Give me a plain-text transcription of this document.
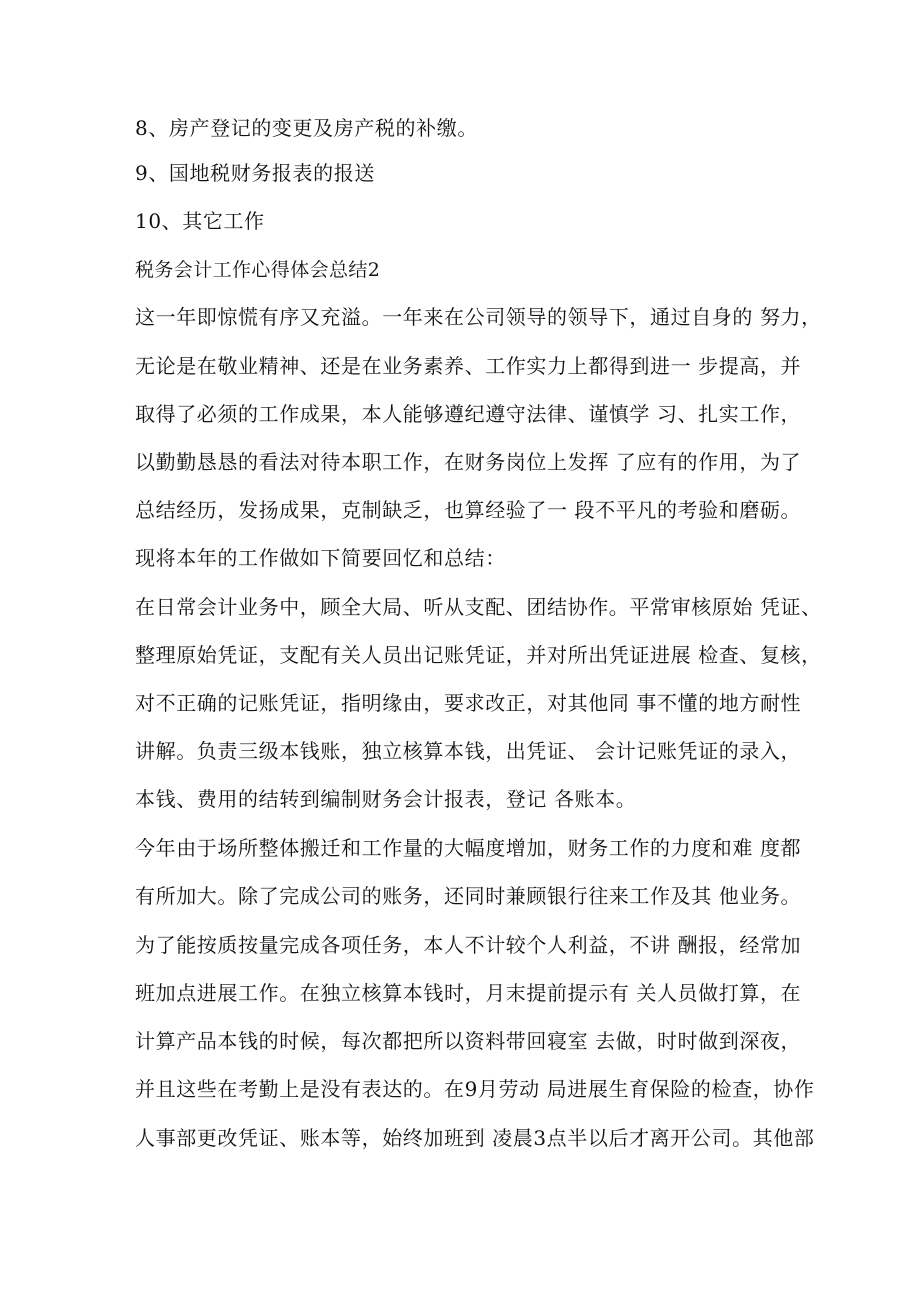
8、房产登记的变更及房产税的补缴。
9、国地税财务报表的报送
10、其它工作
税务会计工作心得体会总结2
这一年即惊慌有序又充溢。一年来在公司领导的领导下，通过自身的 努力，
无论是在敬业精神、还是在业务素养、工作实力上都得到进一 步提高，并
取得了必须的工作成果，本人能够遵纪遵守法律、谨慎学 习、扎实工作，
以勤勤恳恳的看法对待本职工作，在财务岗位上发挥 了应有的作用，为了
总结经历，发扬成果，克制缺乏，也算经验了一 段不平凡的考验和磨砺。
现将本年的工作做如下简要回忆和总结：
在日常会计业务中，顾全大局、听从支配、团结协作。平常审核原始 凭证、
整理原始凭证，支配有关人员出记账凭证，并对所出凭证进展 检查、复核，
对不正确的记账凭证，指明缘由，要求改正，对其他同 事不懂的地方耐性
讲解。负责三级本钱账，独立核算本钱，出凭证、 会计记账凭证的录入，
本钱、费用的结转到编制财务会计报表，登记 各账本。
今年由于场所整体搬迁和工作量的大幅度增加，财务工作的力度和难 度都
有所加大。除了完成公司的账务，还同时兼顾银行往来工作及其 他业务。
为了能按质按量完成各项任务，本人不计较个人利益，不讲 酬报，经常加
班加点进展工作。在独立核算本钱时，月末提前提示有 关人员做打算，在
计算产品本钱的时候，每次都把所以资料带回寝室 去做，时时做到深夜，
并且这些在考勤上是没有表达的。在9月劳动 局进展生育保险的检查，协作
人事部更改凭证、账本等，始终加班到 凌晨3点半以后才离开公司。其他部
